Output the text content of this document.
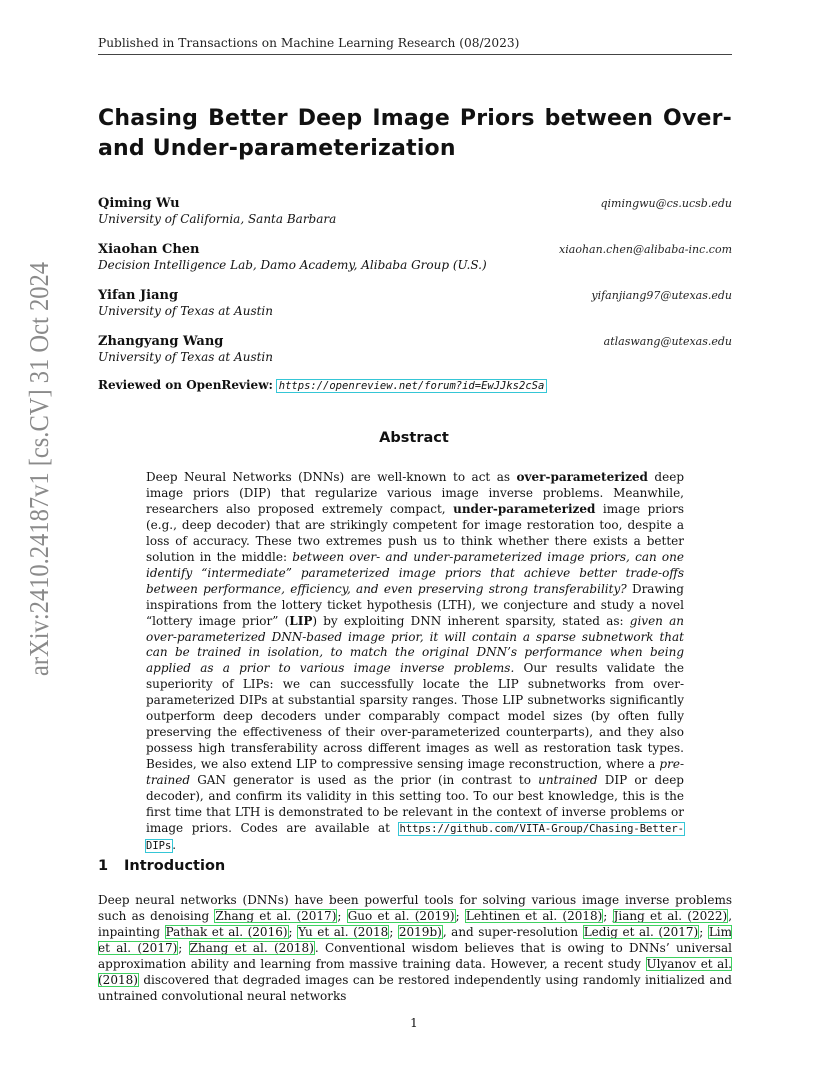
Published in Transactions on Machine Learning Research (08/2023)
arXiv:2410.24187v1 [cs.CV] 31 Oct 2024
Chasing Better Deep Image Priors between Over- and Under-parameterization
Qiming Wu
University of California, Santa Barbara
qimingwu@cs.ucsb.edu
Xiaohan Chen
Decision Intelligence Lab, Damo Academy, Alibaba Group (U.S.)
xiaohan.chen@alibaba-inc.com
Yifan Jiang
University of Texas at Austin
yifanjiang97@utexas.edu
Zhangyang Wang
University of Texas at Austin
atlaswang@utexas.edu
Reviewed on OpenReview: https://openreview.net/forum?id=EwJJks2cSa
Abstract
Deep Neural Networks (DNNs) are well-known to act as over-parameterized deep image priors (DIP) that regularize various image inverse problems. Meanwhile, researchers also proposed extremely compact, under-parameterized image priors (e.g., deep decoder) that are strikingly competent for image restoration too, despite a loss of accuracy. These two extremes push us to think whether there exists a better solution in the middle: between over- and under-parameterized image priors, can one identify “intermediate” parameterized image priors that achieve better trade-offs between performance, efficiency, and even preserving strong transferability? Drawing inspirations from the lottery ticket hypothesis (LTH), we conjecture and study a novel “lottery image prior” (LIP) by exploiting DNN inherent sparsity, stated as: given an over-parameterized DNN-based image prior, it will contain a sparse subnetwork that can be trained in isolation, to match the original DNN’s performance when being applied as a prior to various image inverse problems. Our results validate the superiority of LIPs: we can successfully locate the LIP subnetworks from over-parameterized DIPs at substantial sparsity ranges. Those LIP subnetworks significantly outperform deep decoders under comparably compact model sizes (by often fully preserving the effectiveness of their over-parameterized counterparts), and they also possess high transferability across different images as well as restoration task types. Besides, we also extend LIP to compressive sensing image reconstruction, where a pre-trained GAN generator is used as the prior (in contrast to untrained DIP or deep decoder), and confirm its validity in this setting too. To our best knowledge, this is the first time that LTH is demonstrated to be relevant in the context of inverse problems or image priors. Codes are available at https://github.com/VITA-Group/Chasing-Better-DIPs.
1 Introduction
Deep neural networks (DNNs) have been powerful tools for solving various image inverse problems such as denoising Zhang et al. (2017); Guo et al. (2019); Lehtinen et al. (2018); Jiang et al. (2022), inpainting Pathak et al. (2016); Yu et al. (2018; 2019b), and super-resolution Ledig et al. (2017); Lim et al. (2017); Zhang et al. (2018). Conventional wisdom believes that is owing to DNNs’ universal approximation ability and learning from massive training data. However, a recent study Ulyanov et al. (2018) discovered that degraded images can be restored independently using randomly initialized and untrained convolutional neural networks
1
